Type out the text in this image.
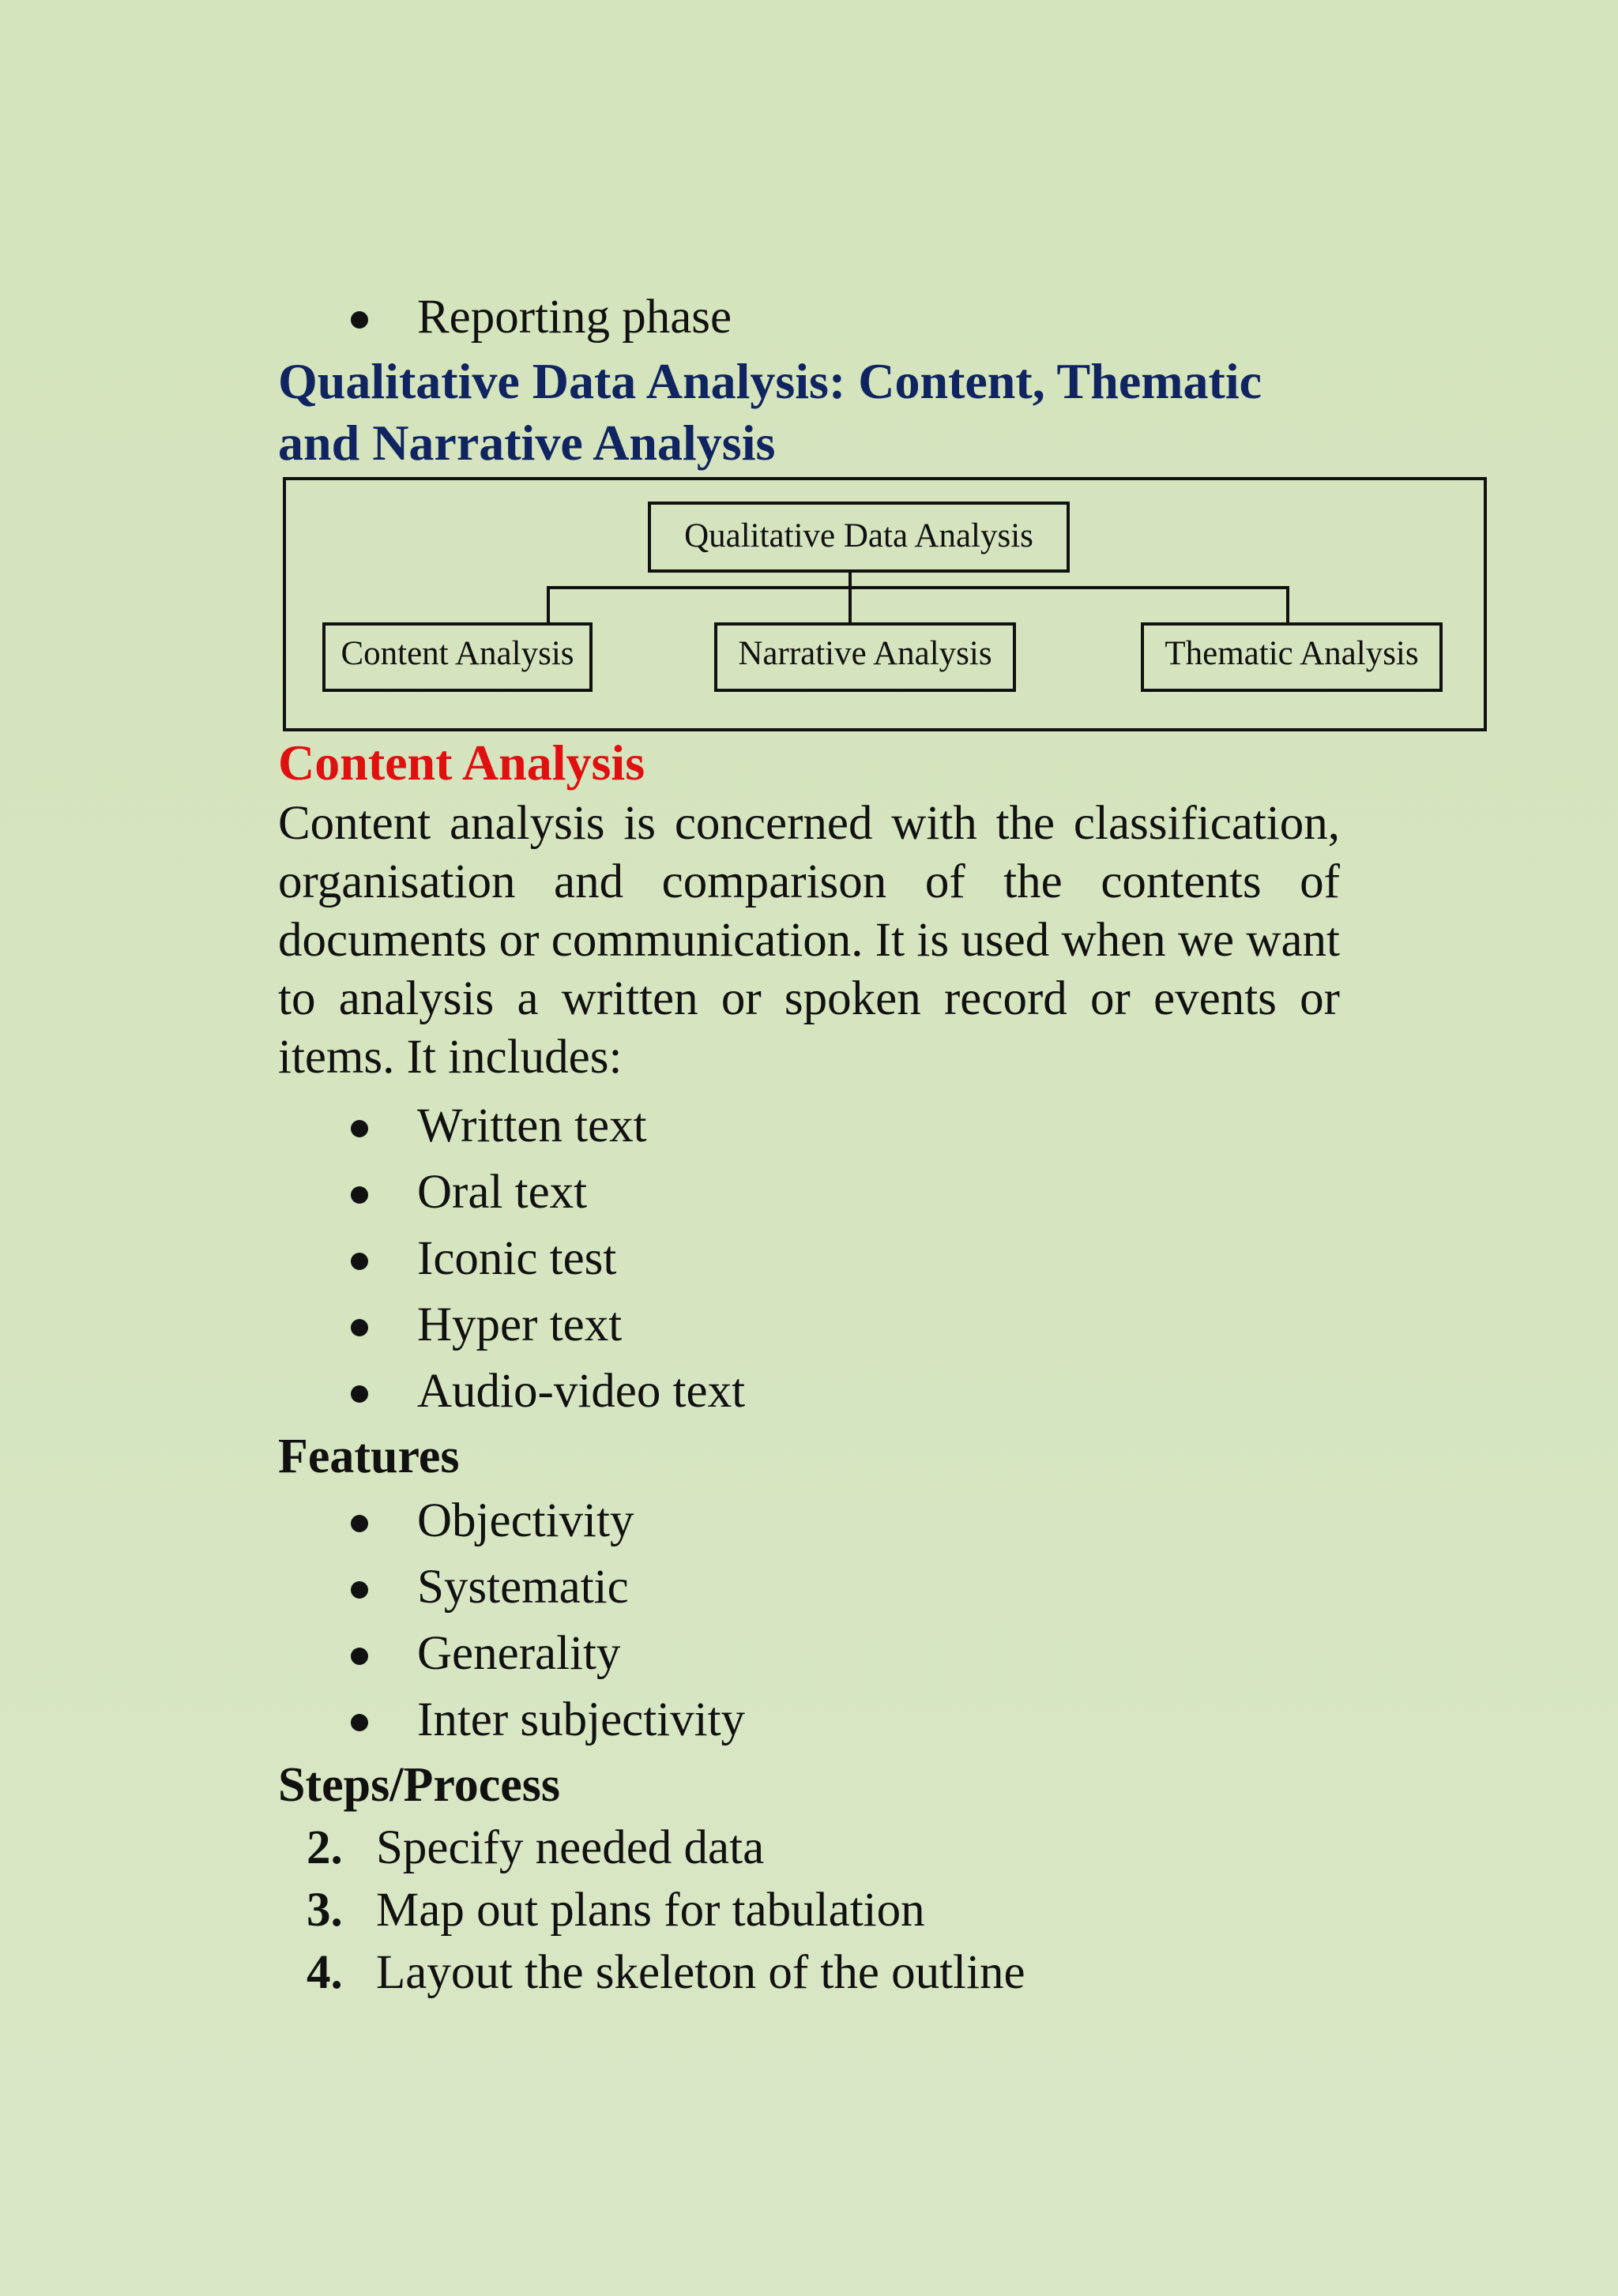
Reporting phase
Qualitative Data Analysis: Content, Thematic and Narrative Analysis
Qualitative Data Analysis
Content Analysis	Narrative Analysis	Thematic Analysis
Content Analysis

Content analysis is concerned with the classification, organisation and comparison of the contents of documents or communication. It is used when we want to analysis a written or spoken record or events or items. It includes:

Written text
Oral text
Iconic test
Hyper text
Audio-video text
Features
Objectivity
Systematic
Generality
Inter subjectivity
Steps/Process
2. Specify needed data
3. Map out plans for tabulation
4. Layout the skeleton of the outline
